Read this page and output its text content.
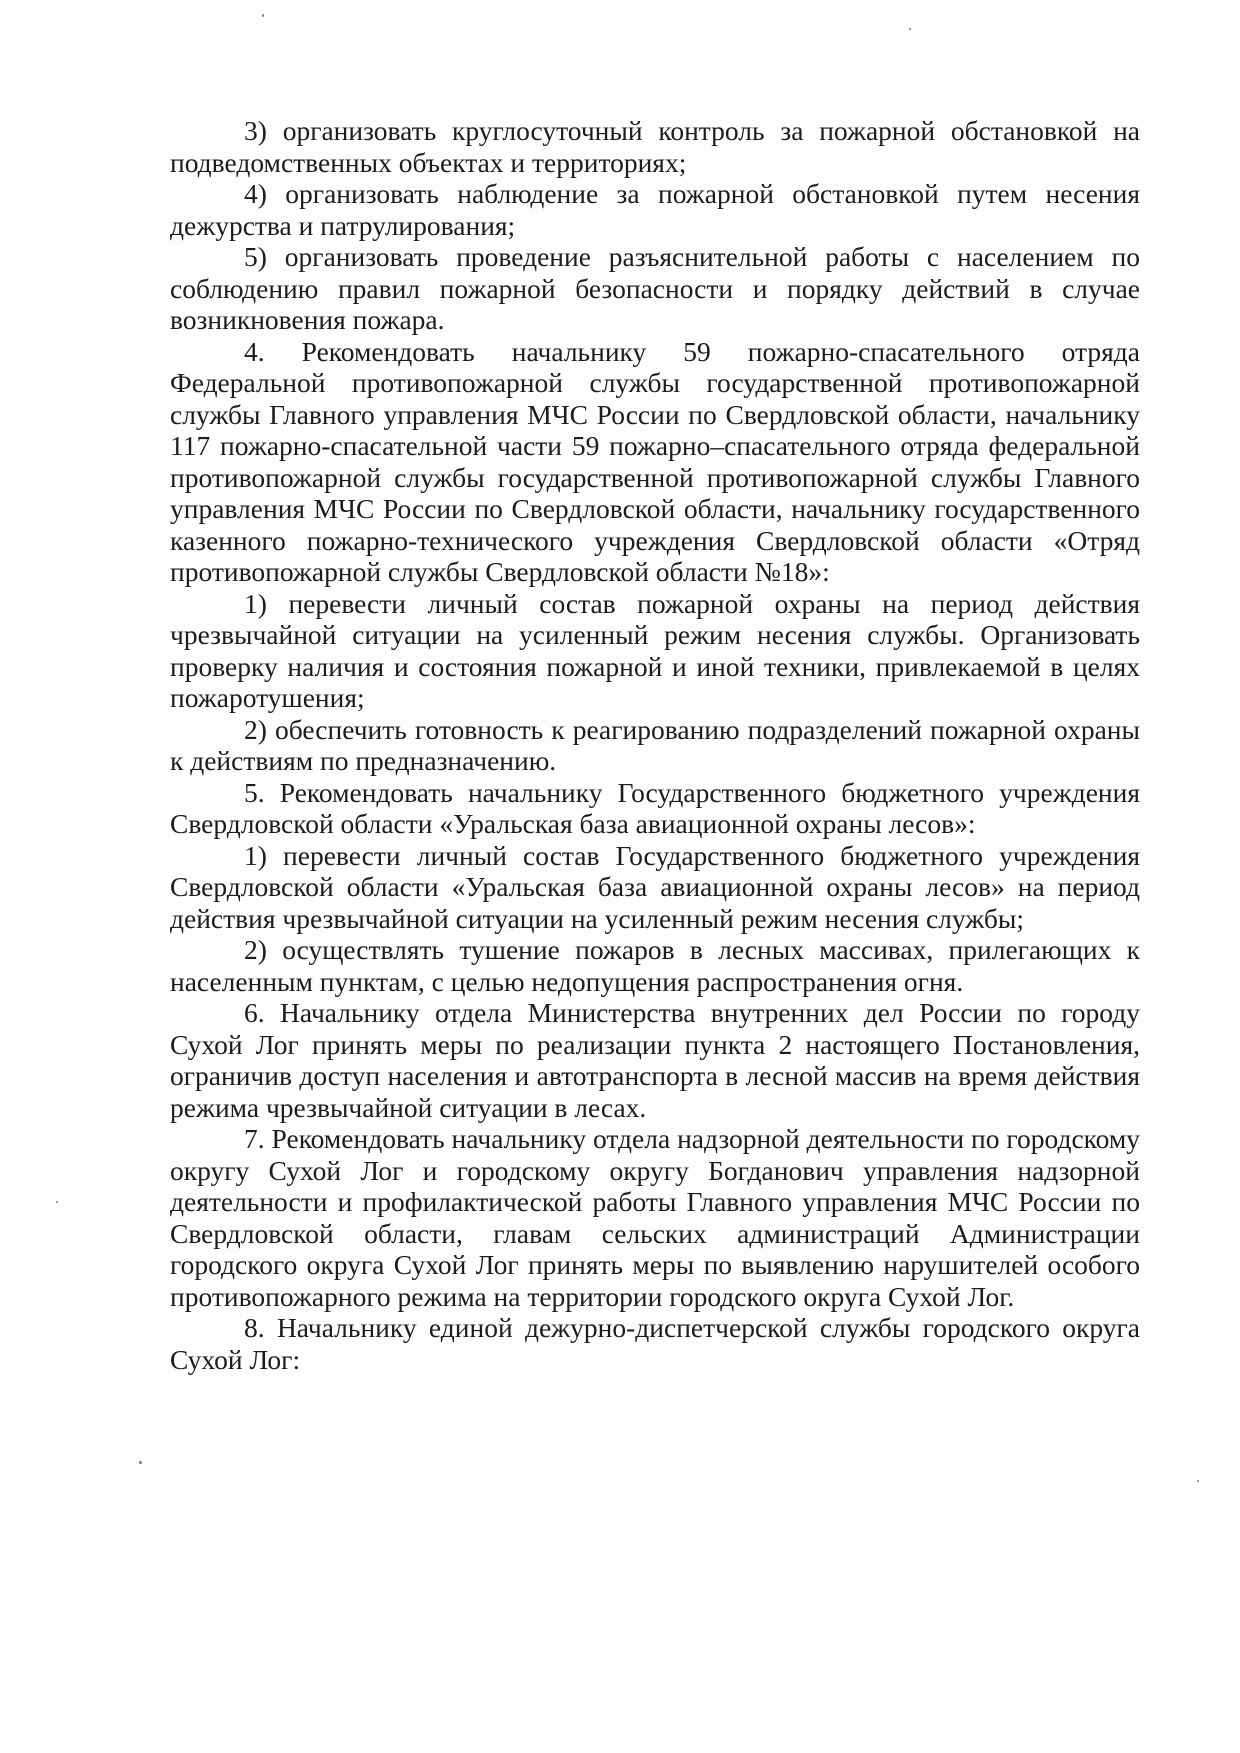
3) организовать круглосуточный контроль за пожарной обстановкой на подведомственных объектах и территориях;

4) организовать наблюдение за пожарной обстановкой путем несения дежурства и патрулирования;

5) организовать проведение разъяснительной работы с населением по соблюдению правил пожарной безопасности и порядку действий в случае возникновения пожара.

4. Рекомендовать начальнику 59 пожарно-спасательного отряда Федеральной противопожарной службы государственной противопожарной службы Главного управления МЧС России по Свердловской области, начальнику 117 пожарно-спасательной части 59 пожарно–спасательного отряда федеральной противопожарной службы государственной противопожарной службы Главного управления МЧС России по Свердловской области, начальнику государственного казенного пожарно-технического учреждения Свердловской области «Отряд противопожарной службы Свердловской области №18»:

1) перевести личный состав пожарной охраны на период действия чрезвычайной ситуации на усиленный режим несения службы. Организовать проверку наличия и состояния пожарной и иной техники, привлекаемой в целях пожаротушения;

2) обеспечить готовность к реагированию подразделений пожарной охраны к действиям по предназначению.

5. Рекомендовать начальнику Государственного бюджетного учреждения Свердловской области «Уральская база авиационной охраны лесов»:

1) перевести личный состав Государственного бюджетного учреждения Свердловской области «Уральская база авиационной охраны лесов» на период действия чрезвычайной ситуации на усиленный режим несения службы;

2) осуществлять тушение пожаров в лесных массивах, прилегающих к населенным пунктам, с целью недопущения распространения огня.

6. Начальнику отдела Министерства внутренних дел России по городу Сухой Лог принять меры по реализации пункта 2 настоящего Постановления, ограничив доступ населения и автотранспорта в лесной массив на время действия режима чрезвычайной ситуации в лесах.

7. Рекомендовать начальнику отдела надзорной деятельности по городскому округу Сухой Лог и городскому округу Богданович управления надзорной деятельности и профилактической работы Главного управления МЧС России по Свердловской области, главам сельских администраций Администрации городского округа Сухой Лог принять меры по выявлению нарушителей особого противопожарного режима на территории городского округа Сухой Лог.

8. Начальнику единой дежурно-диспетчерской службы городского округа Сухой Лог:
